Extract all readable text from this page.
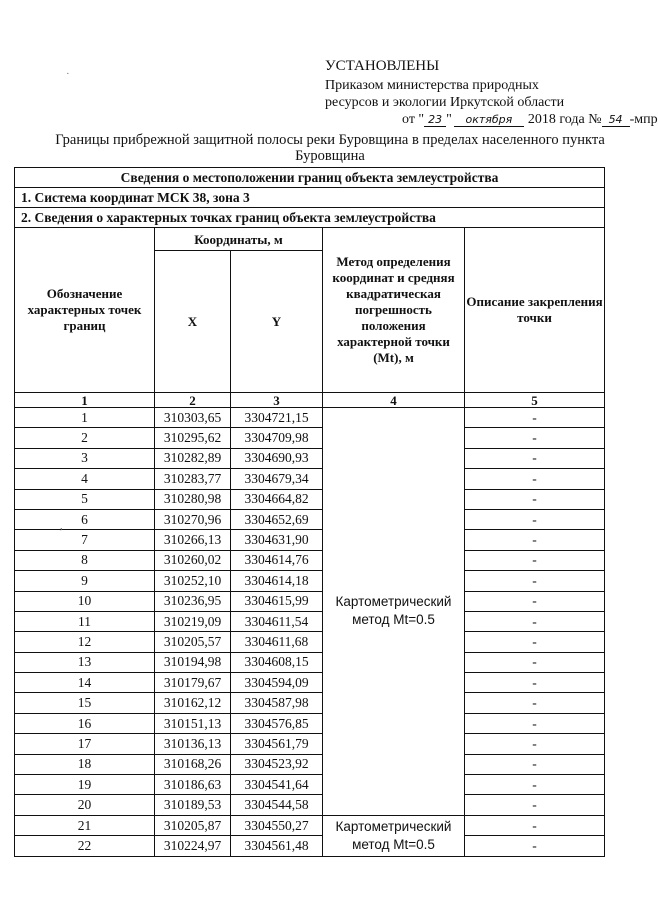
УСТАНОВЛЕНЫ
Приказом министерства природных
ресурсов и экологии Иркутской области
от " 23 " октября 2018 года № 54 -мпр
Границы прибрежной защитной полосы реки Буровщина в пределах населенного пункта Буровщина
Сведения о местоположении границ объекта землеустройства				
1. Система координат МСК 38, зона 3				
2. Сведения о характерных точках границ объекта землеустройства				
Обозначение характерных точек границ	Координаты, м		Метод определения координат и средняя квадратическая погрешность положения характерной точки (Mt), м	Описание закрепления точки
	X	Y		
1	2	3	4	5
1	310303,65	3304721,15	Картометрический метод Mt=0.5	-
2	310295,62	3304709,98		-
3	310282,89	3304690,93		-
4	310283,77	3304679,34		-
5	310280,98	3304664,82		-
6	310270,96	3304652,69		-
7	310266,13	3304631,90		-
8	310260,02	3304614,76		-
9	310252,10	3304614,18		-
10	310236,95	3304615,99		-
11	310219,09	3304611,54		-
12	310205,57	3304611,68		-
13	310194,98	3304608,15		-
14	310179,67	3304594,09		-
15	310162,12	3304587,98		-
16	310151,13	3304576,85		-
17	310136,13	3304561,79		-
18	310168,26	3304523,92		-
19	310186,63	3304541,64		-
20	310189,53	3304544,58		-
21	310205,87	3304550,27	Картометрический метод Mt=0.5	-
22	310224,97	3304561,48		-
·
,
